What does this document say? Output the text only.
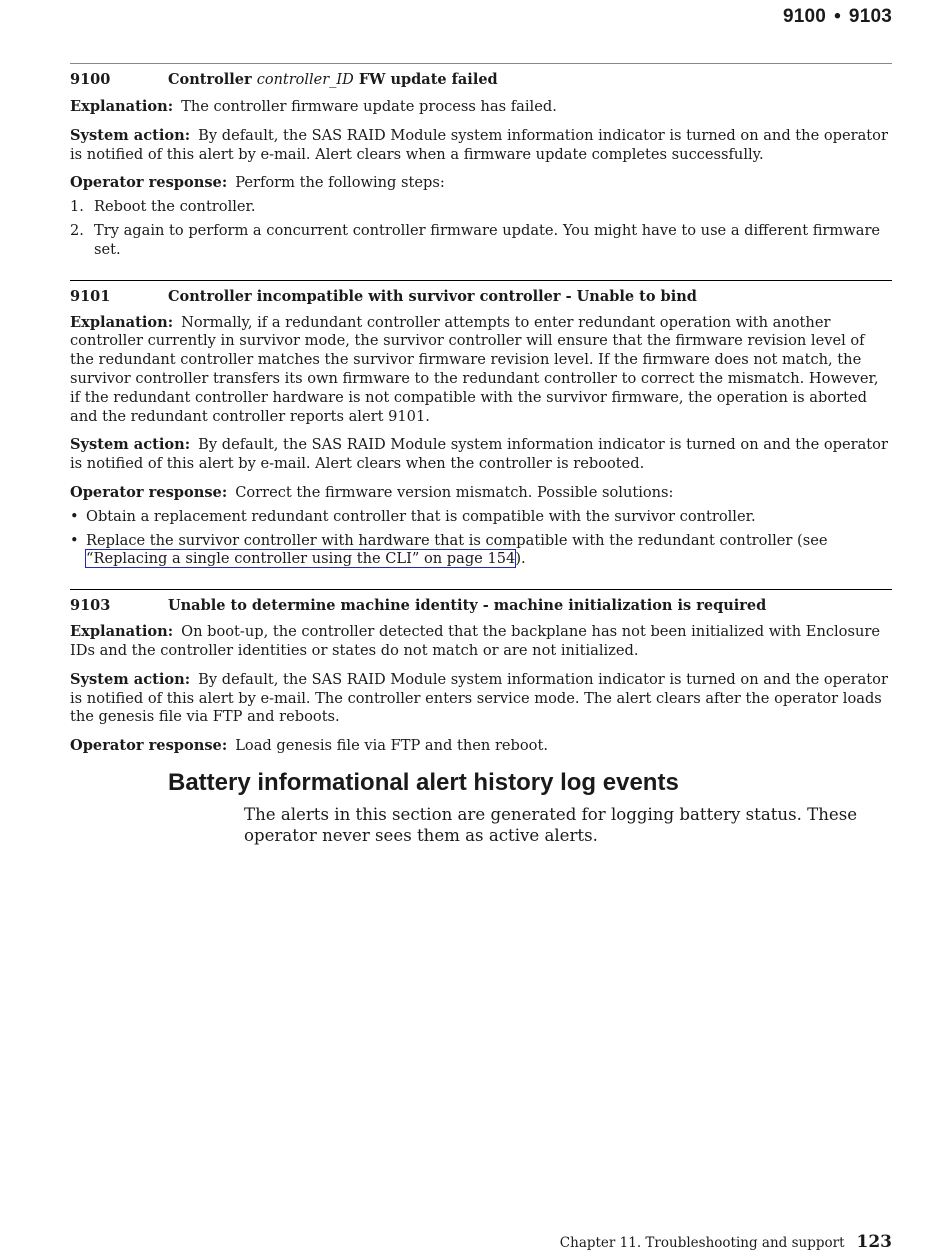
9100 • 9103
9100	Controller controller_ID FW update failed

Explanation: The controller firmware update process has failed.

System action: By default, the SAS RAID Module system information indicator is turned on and the operator is notified of this alert by e-mail. Alert clears when a firmware update completes successfully.

Operator response: Perform the following steps:

1. Reboot the controller.
2. Try again to perform a concurrent controller firmware update. You might have to use a different firmware set.
9101	Controller incompatible with survivor controller - Unable to bind

Explanation: Normally, if a redundant controller attempts to enter redundant operation with another controller currently in survivor mode, the survivor controller will ensure that the firmware revision level of the redundant controller matches the survivor firmware revision level. If the firmware does not match, the survivor controller transfers its own firmware to the redundant controller to correct the mismatch. However, if the redundant controller hardware is not compatible with the survivor firmware, the operation is aborted and the redundant controller reports alert 9101.

System action: By default, the SAS RAID Module system information indicator is turned on and the operator is notified of this alert by e-mail. Alert clears when the controller is rebooted.

Operator response: Correct the firmware version mismatch. Possible solutions:

• Obtain a replacement redundant controller that is compatible with the survivor controller.
• Replace the survivor controller with hardware that is compatible with the redundant controller (see “Replacing a single controller using the CLI” on page 154).
9103	Unable to determine machine identity - machine initialization is required

Explanation: On boot-up, the controller detected that the backplane has not been initialized with Enclosure IDs and the controller identities or states do not match or are not initialized.

System action: By default, the SAS RAID Module system information indicator is turned on and the operator is notified of this alert by e-mail. The controller enters service mode. The alert clears after the operator loads the genesis file via FTP and reboots.

Operator response: Load genesis file via FTP and then reboot.

Battery informational alert history log events
The alerts in this section are generated for logging battery status. These operator never sees them as active alerts.
Chapter 11. Troubleshooting and support 123
